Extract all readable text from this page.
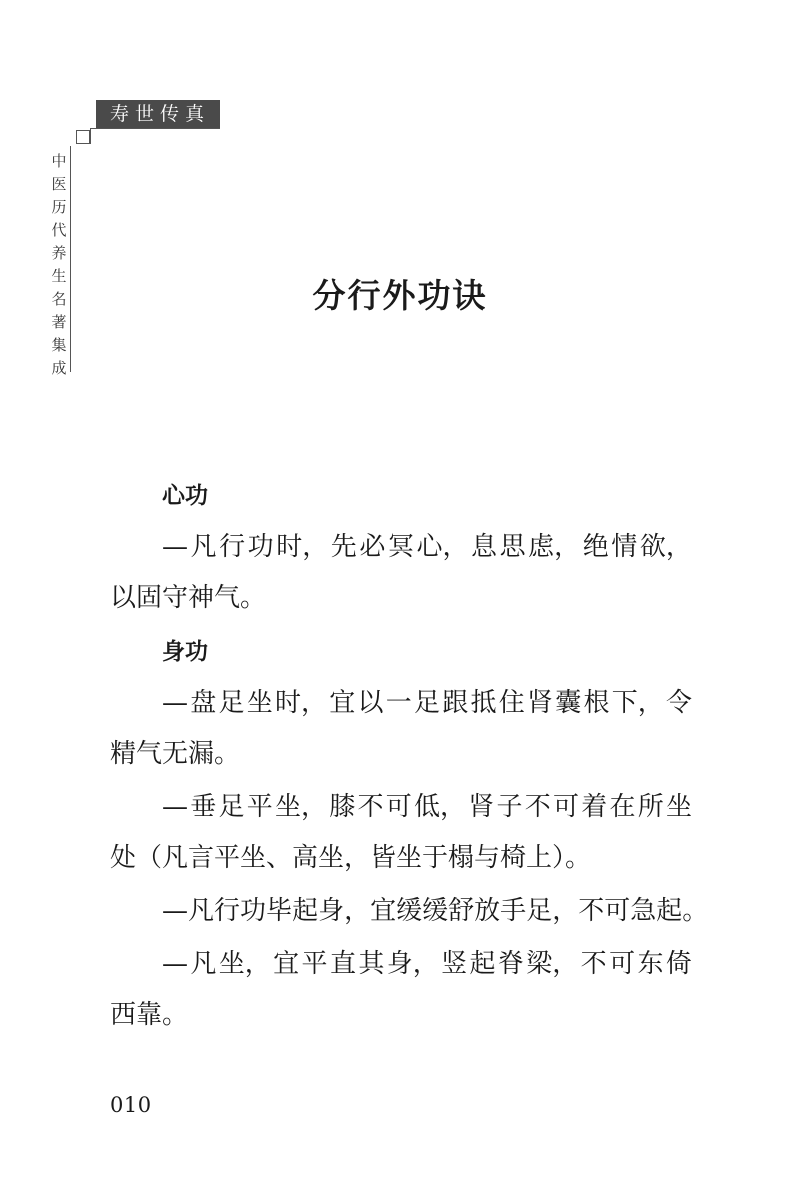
寿世传真
中医历代养生名著集成
分行外功诀

心功

— 凡 行 功 时， 先 必 冥 心， 息 思 虑， 绝 情 欲，
以固守神气。

身功

— 盘 足 坐 时， 宜 以 一 足 跟 抵 住 肾 囊 根 下， 令
精气无漏。
— 垂 足 平 坐， 膝 不 可 低， 肾 子 不 可 着 在 所 坐
处（凡言平坐、高坐，皆坐于榻与椅上）。
— 凡 行 功 毕 起 身， 宜 缓 缓 舒 放 手 足， 不 可 急 起。
— 凡 坐， 宜 平 直 其 身， 竖 起 脊 梁， 不 可 东 倚
西靠。
010
